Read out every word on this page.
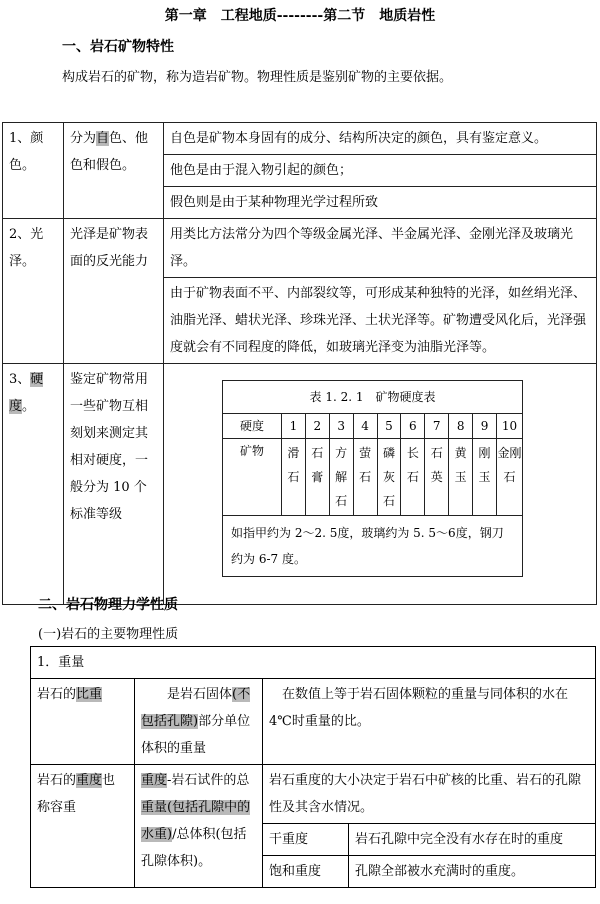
第一章　工程地质--------第二节　地质岩性
一、岩石矿物特性
构成岩石的矿物，称为造岩矿物。物理性质是鉴别矿物的主要依据。
1、颜色。	分为自色、他色和假色。	自色是矿物本身固有的成分、结构所决定的颜色，具有鉴定意义。
他色是由于混入物引起的颜色；
假色则是由于某种物理光学过程所致
2、光泽。	光泽是矿物表面的反光能力	用类比方法常分为四个等级金属光泽、半金属光泽、金刚光泽及玻璃光泽。
由于矿物表面不平、内部裂纹等，可形成某种独特的光泽，如丝绢光泽、油脂光泽、蜡状光泽、珍珠光泽、土状光泽等。矿物遭受风化后，光泽强度就会有不同程度的降低，如玻璃光泽变为油脂光泽等。
3、硬度。	鉴定矿物常用一些矿物互相刻划来测定其相对硬度，一般分为 10 个标准等级	
表 1. 2. 1　矿物硬度表
硬度	1	2	3	4	5	6	7	8	9	10
矿物	滑石	石膏	方解石	萤石	磷灰石	长石	石英	黄玉	刚玉	金刚石
如指甲约为 2～2. 5度，玻璃约为 5. 5～6度，钢刀约为 6-7 度。
二、岩石物理力学性质
(一)岩石的主要物理性质
1．重量			
岩石的比重	是岩石固体(不包括孔隙)部分单位体积的重量	在数值上等于岩石固体颗粒的重量与同体积的水在 4℃时重量的比。	
岩石的重度也称容重	重度-岩石试件的总重量(包括孔隙中的水重)/总体积(包括孔隙体积)。	岩石重度的大小决定于岩石中矿核的比重、岩石的孔隙性及其含水情况。	
		干重度	岩石孔隙中完全没有水存在时的重度
		饱和重度	孔隙全部被水充满时的重度。
